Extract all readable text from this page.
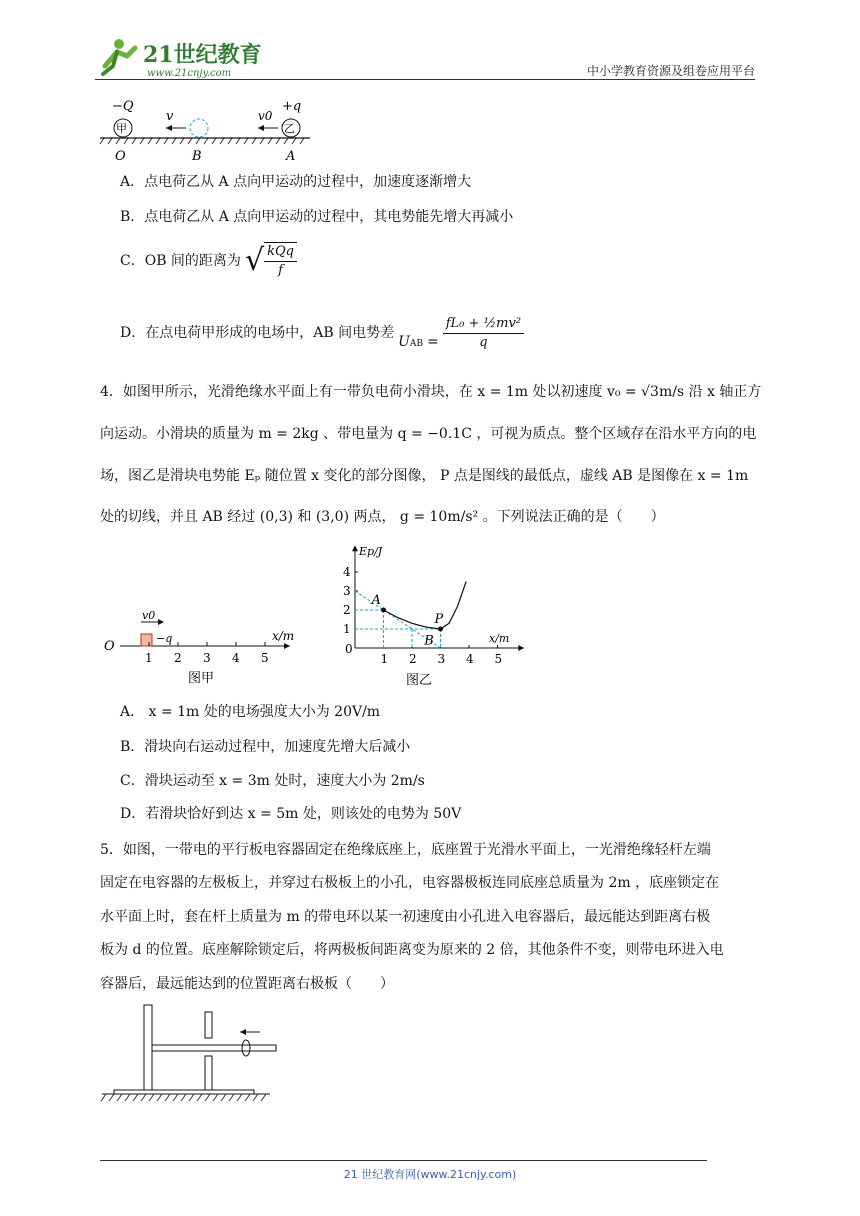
21世纪教育
www.21cnjy.com	中小学教育资源及组卷应用平台
甲
−Q
v
乙
+q
v0
O	B	A
A．点电荷乙从 A 点向甲运动的过程中，加速度逐渐增大
B．点电荷乙从 A 点向甲运动的过程中，其电势能先增大再减小
C．OB 间的距离为 √ $\frac{\text{kQq}}{f}$
D．在点电荷甲形成的电场中，AB 间电势差
U AB = $\frac{\text{fL₀ + ½mv²}}{q}$
4．如图甲所示，光滑绝缘水平面上有一带负电荷小滑块，在 x = 1m 处以初速度 v₀ = √3m/s 沿 x 轴正方
向运动。小滑块的质量为 m = 2kg 、带电量为 q = −0.1C ，可视为质点。整个区域存在沿水平方向的电
场，图乙是滑块电势能 Eₚ 随位置 x 变化的部分图像， P 点是图线的最低点，虚线 AB 是图像在 x = 1m
处的切线，并且 AB 经过 (0,3) 和 (3,0) 两点， g = 10m/s² 。下列说法正确的是（　　）
O
v0
−q	x/m
1 2 3 4 5
图甲
Ep/J
x/m
0
1 2 3 4 5
1
2
3
4
A
P
B
图乙
A． x = 1m 处的电场强度大小为 20V/m
B．滑块向右运动过程中，加速度先增大后减小
C．滑块运动至 x = 3m 处时，速度大小为 2m/s
D．若滑块恰好到达 x = 5m 处，则该处的电势为 50V
5．如图，一带电的平行板电容器固定在绝缘底座上，底座置于光滑水平面上，一光滑绝缘轻杆左端
固定在电容器的左极板上，并穿过右极板上的小孔，电容器极板连同底座总质量为 2m ，底座锁定在
水平面上时，套在杆上质量为 m 的带电环以某一初速度由小孔进入电容器后，最远能达到距离右极
板为 d 的位置。底座解除锁定后，将两极板间距离变为原来的 2 倍，其他条件不变，则带电环进入电
容器后，最远能达到的位置距离右极板（　　）
21 世纪教育网(www.21cnjy.com)
